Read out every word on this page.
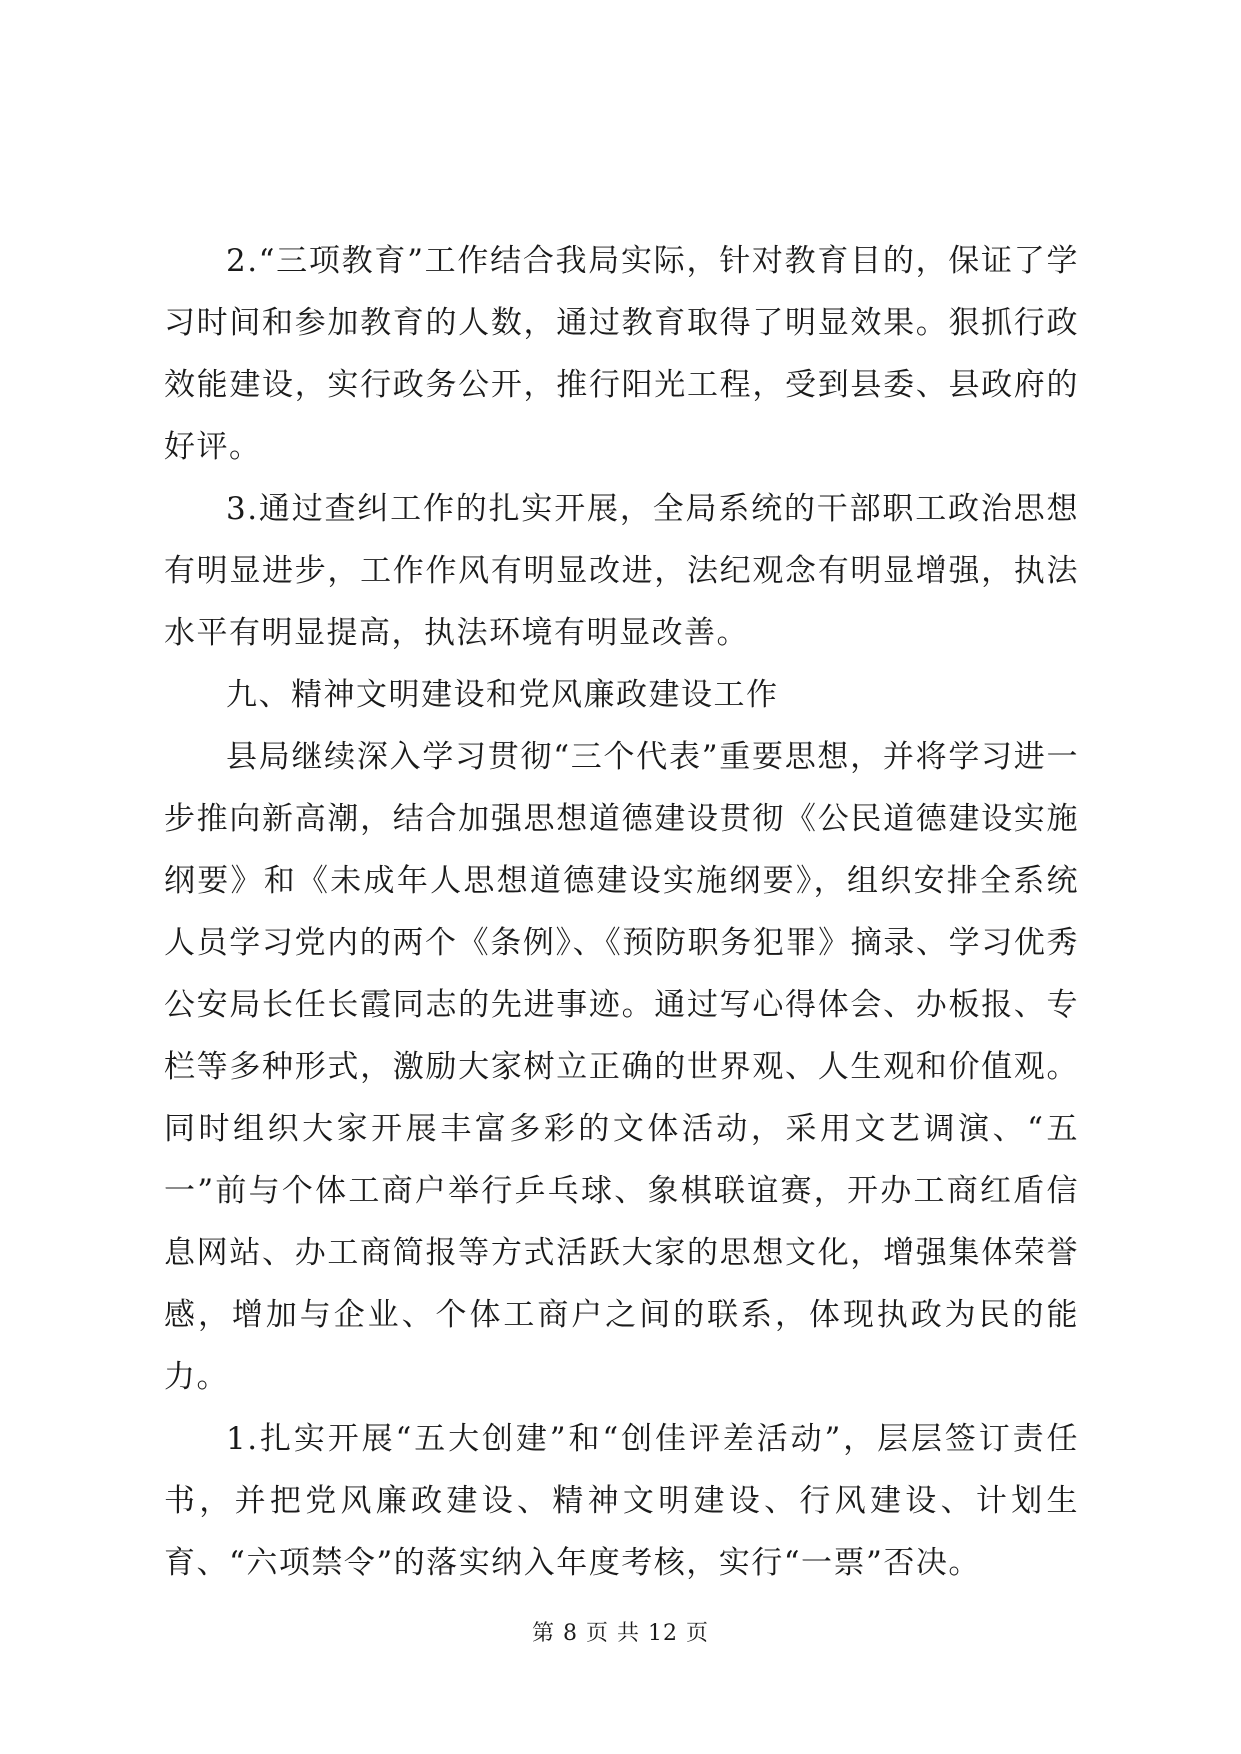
2.“三项教育”工作结合我局实际，针对教育目的，保证了学习时间和参加教育的人数，通过教育取得了明显效果。狠抓行政效能建设，实行政务公开，推行阳光工程，受到县委、县政府的好评。

3.通过查纠工作的扎实开展，全局系统的干部职工政治思想有明显进步，工作作风有明显改进，法纪观念有明显增强，执法水平有明显提高，执法环境有明显改善。

九、精神文明建设和党风廉政建设工作

县局继续深入学习贯彻“三个代表”重要思想，并将学习进一步推向新高潮，结合加强思想道德建设贯彻《公民道德建设实施纲要》和《未成年人思想道德建设实施纲要》，组织安排全系统人员学习党内的两个《条例》、《预防职务犯罪》摘录、学习优秀公安局长任长霞同志的先进事迹。通过写心得体会、办板报、专栏等多种形式，激励大家树立正确的世界观、人生观和价值观。同时组织大家开展丰富多彩的文体活动，采用文艺调演、“五一”前与个体工商户举行乒乓球、象棋联谊赛，开办工商红盾信息网站、办工商简报等方式活跃大家的思想文化，增强集体荣誉感，增加与企业、个体工商户之间的联系，体现执政为民的能力。

1.扎实开展“五大创建”和“创佳评差活动”，层层签订责任书，并把党风廉政建设、精神文明建设、行风建设、计划生育、“六项禁令”的落实纳入年度考核，实行“一票”否决。

第 8 页 共 12 页
